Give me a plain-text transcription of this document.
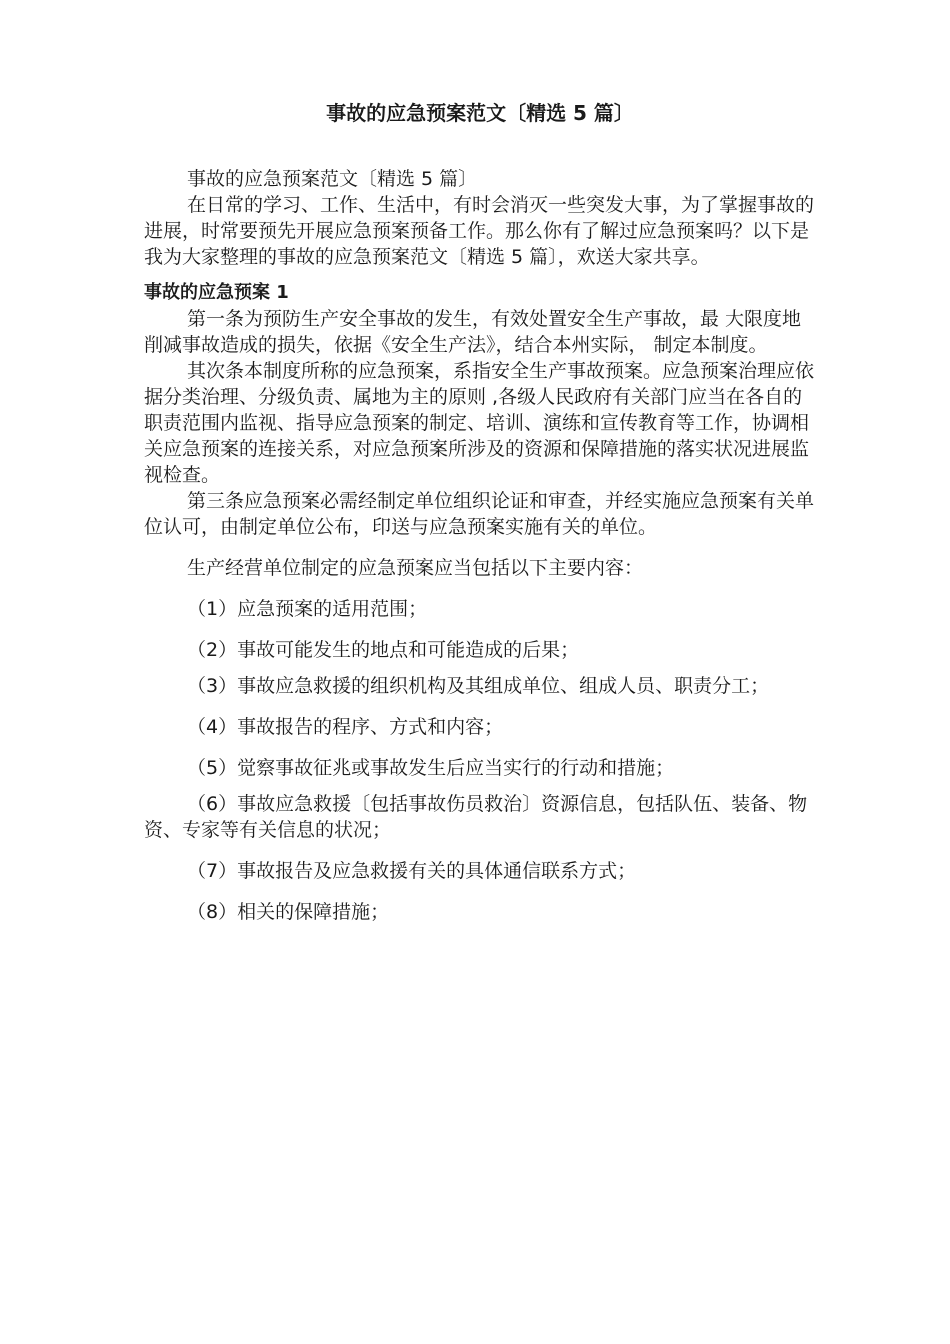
事故的应急预案范文〔精选 5 篇〕

事故的应急预案范文〔精选 5 篇〕

在日常的学习、工作、生活中，有时会消灭一些突发大事，为了掌握事故的进展，时常要预先开展应急预案预备工作。那么你有了解过应急预案吗？以下是我为大家整理的事故的应急预案范文〔精选 5 篇〕，欢送大家共享。

事故的应急预案 1

第一条为预防生产安全事故的发生，有效处置安全生产事故，最 大限度地削减事故造成的损失，依据《安全生产法》，结合本州实际， 制定本制度。

其次条本制度所称的应急预案，系指安全生产事故预案。应急预案治理应依据分类治理、分级负责、属地为主的原则 ,各级人民政府有关部门应当在各自的职责范围内监视、指导应急预案的制定、培训、演练和宣传教育等工作，协调相关应急预案的连接关系，对应急预案所涉及的资源和保障措施的落实状况进展监视检查。

第三条应急预案必需经制定单位组织论证和审查，并经实施应急预案有关单位认可，由制定单位公布，印送与应急预案实施有关的单位。

生产经营单位制定的应急预案应当包括以下主要内容：

（1）应急预案的适用范围；

（2）事故可能发生的地点和可能造成的后果；

（3）事故应急救援的组织机构及其组成单位、组成人员、职责分工；

（4）事故报告的程序、方式和内容；

（5）觉察事故征兆或事故发生后应当实行的行动和措施；

（6）事故应急救援〔包括事故伤员救治〕资源信息，包括队伍、装备、物资、专家等有关信息的状况；

（7）事故报告及应急救援有关的具体通信联系方式；

（8）相关的保障措施；
